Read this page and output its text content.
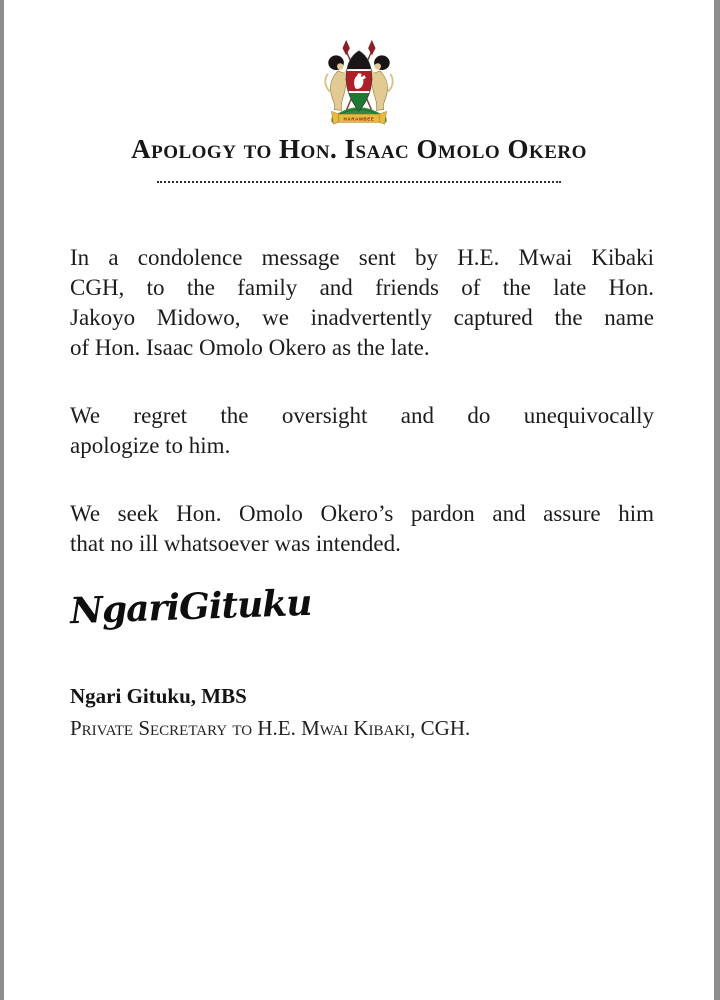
HARAMBEE
Apology to Hon. Isaac Omolo Okero
In a condolence message sent by H.E. Mwai Kibaki
CGH, to the family and friends of the late Hon.
Jakoyo Midowo, we inadvertently captured the name
of Hon. Isaac Omolo Okero as the late.
We regret the oversight and do unequivocally
apologize to him.
We seek Hon. Omolo Okero’s pardon and assure him
that no ill whatsoever was intended.
NgariGituku
Ngari Gituku, MBS
Private Secretary to H.E. Mwai Kibaki, CGH.
